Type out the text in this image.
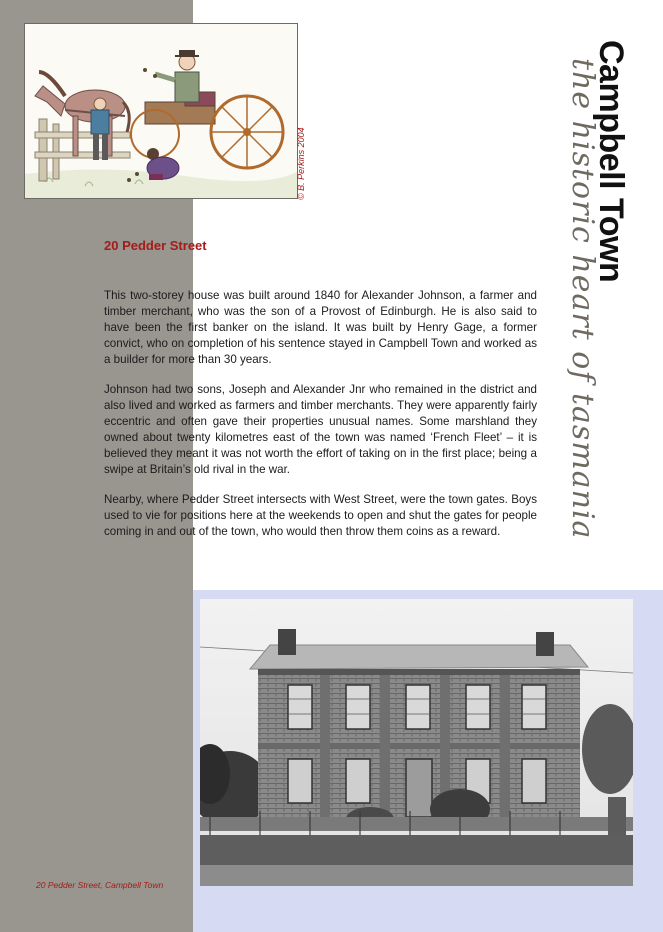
© B. Perkins 2004
20 Pedder Street

This two-storey house was built around 1840 for Alexander Johnson, a farmer and timber merchant, who was the son of a Provost of Edinburgh. He is also said to have been the first banker on the island. It was built by Henry Gage, a former convict, who on completion of his sentence stayed in Campbell Town and worked as a builder for more than 30 years.

Johnson had two sons, Joseph and Alexander Jnr who remained in the district and also lived and worked as farmers and timber merchants. They were apparently fairly eccentric and often gave their properties unusual names. Some marshland they owned about twenty kilometres east of the town was named ‘French Fleet’ – it is believed they meant it was not worth the effort of taking on in the first place; being a swipe at Britain’s old rival in the war.

Nearby, where Pedder Street intersects with West Street, were the town gates. Boys used to vie for positions here at the weekends to open and shut the gates for people coming in and out of the town, who would then throw them coins as a reward.

Campbell Town
the historic heart of tasmania
20 Pedder Street, Campbell Town
